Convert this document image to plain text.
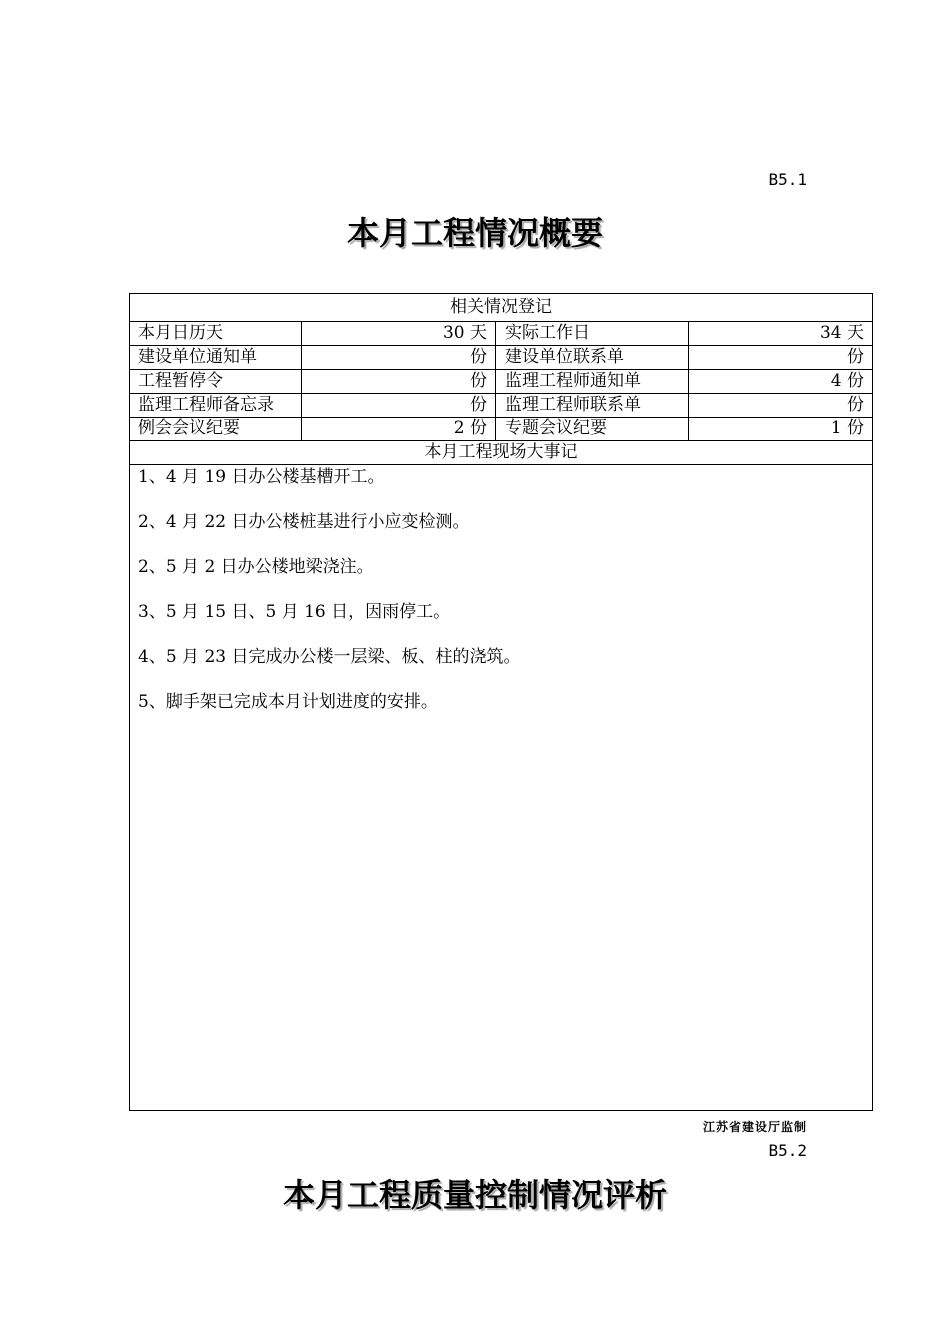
B5.1
本月工程情况概要
相关情况登记
本月日历天	30 天 实际工作日	34 天
建设单位通知单	份 建设单位联系单	份
工程暂停令	份 监理工程师通知单	4 份
监理工程师备忘录	份 监理工程师联系单	份
例会会议纪要	2 份 专题会议纪要	1 份
本月工程现场大事记
1、4 月 19 日办公楼基槽开工。
2、4 月 22 日办公楼桩基进行小应变检测。
2、5 月 2 日办公楼地梁浇注。
3、5 月 15 日、5 月 16 日，因雨停工。
4、5 月 23 日完成办公楼一层梁、板、柱的浇筑。
5、脚手架已完成本月计划进度的安排。
江苏省建设厅监制
B5.2
本月工程质量控制情况评析
